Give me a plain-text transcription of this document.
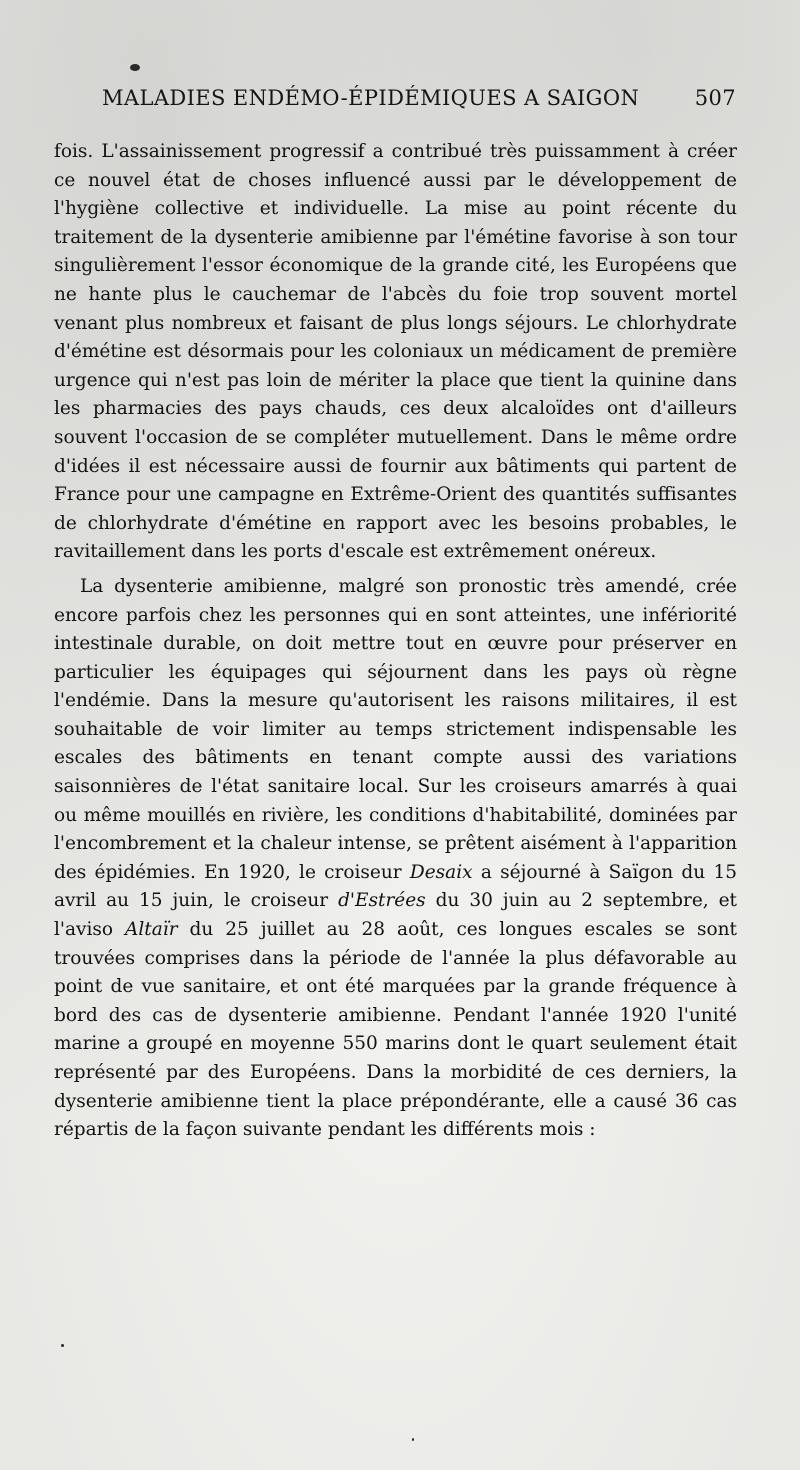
MALADIES ENDÉMO-ÉPIDÉMIQUES A SAIGON	507

fois. L'assainissement progressif a contribué très puissamment à créer ce nouvel état de choses influencé aussi par le développement de l'hygiène collective et individuelle. La mise au point récente du traitement de la dysenterie amibienne par l'émétine favorise à son tour singulièrement l'essor économique de la grande cité, les Européens que ne hante plus le cauchemar de l'abcès du foie trop souvent mortel venant plus nombreux et faisant de plus longs séjours. Le chlorhydrate d'émétine est désormais pour les coloniaux un médicament de première urgence qui n'est pas loin de mériter la place que tient la quinine dans les pharmacies des pays chauds, ces deux alcaloïdes ont d'ailleurs souvent l'occasion de se compléter mutuellement. Dans le même ordre d'idées il est nécessaire aussi de fournir aux bâtiments qui partent de France pour une campagne en Extrême-Orient des quantités suffisantes de chlorhydrate d'émétine en rapport avec les besoins probables, le ravitaillement dans les ports d'escale est extrêmement onéreux.

La dysenterie amibienne, malgré son pronostic très amendé, crée encore parfois chez les personnes qui en sont atteintes, une infériorité intestinale durable, on doit mettre tout en œuvre pour préserver en particulier les équipages qui séjournent dans les pays où règne l'endémie. Dans la mesure qu'autorisent les raisons militaires, il est souhaitable de voir limiter au temps strictement indispensable les escales des bâtiments en tenant compte aussi des variations saisonnières de l'état sanitaire local. Sur les croiseurs amarrés à quai ou même mouillés en rivière, les conditions d'habitabilité, dominées par l'encombrement et la chaleur intense, se prêtent aisément à l'apparition des épidémies. En 1920, le croiseur Desaix a séjourné à Saïgon du 15 avril au 15 juin, le croiseur d'Estrées du 30 juin au 2 septembre, et l'aviso Altaïr du 25 juillet au 28 août, ces longues escales se sont trouvées comprises dans la période de l'année la plus défavorable au point de vue sanitaire, et ont été marquées par la grande fréquence à bord des cas de dysenterie amibienne. Pendant l'année 1920 l'unité marine a groupé en moyenne 550 marins dont le quart seulement était représenté par des Européens. Dans la morbidité de ces derniers, la dysenterie amibienne tient la place prépondérante, elle a causé 36 cas répartis de la façon suivante pendant les différents mois :
